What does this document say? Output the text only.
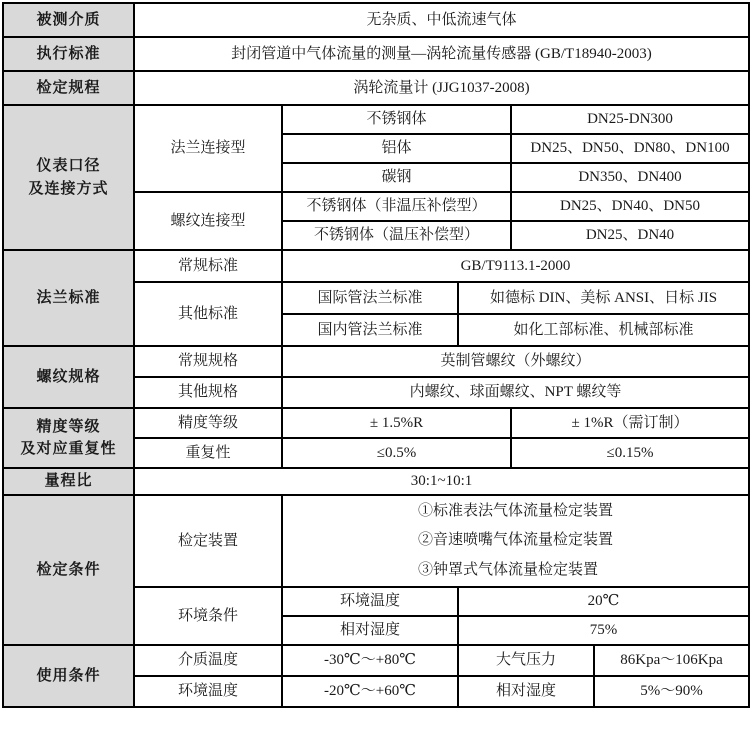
被测介质	无杂质、中低流速气体				
执行标准	封闭管道中气体流量的测量—涡轮流量传感器 (GB/T18940-2003)				
检定规程	涡轮流量计 (JJG1037-2008)				

仪表口径
及连接方式	法兰连接型	不锈钢体		DN25-DN300	
		铝体		DN25、DN50、DN80、DN100	
		碳钢		DN350、DN400	
	螺纹连接型	不锈钢体（非温压补偿型）		DN25、DN40、DN50	
		不锈钢体（温压补偿型）		DN25、DN40	
法兰标准	常规标准	GB/T9113.1-2000			
	其他标准	国际管法兰标准	如德标 DIN、美标 ANSI、日标 JIS		
		国内管法兰标准	如化工部标准、机械部标准		
螺纹规格	常规规格	英制管螺纹（外螺纹）			
	其他规格	内螺纹、球面螺纹、NPT 螺纹等			

精度等级
及对应重复性	精度等级	± 1.5%R		± 1%R（需订制）	
	重复性	≤0.5%		≤0.15%	
量程比	30:1~10:1				
检定条件	检定装置	①标准表法气体流量检定装置
②音速喷嘴气体流量检定装置
③钟罩式气体流量检定装置			

	环境条件	环境温度	20℃		
		相对湿度	75%		
使用条件	介质温度	-30℃～+80℃	大气压力		86Kpa～106Kpa
	环境温度	-20℃～+60℃	相对湿度		5%～90%
